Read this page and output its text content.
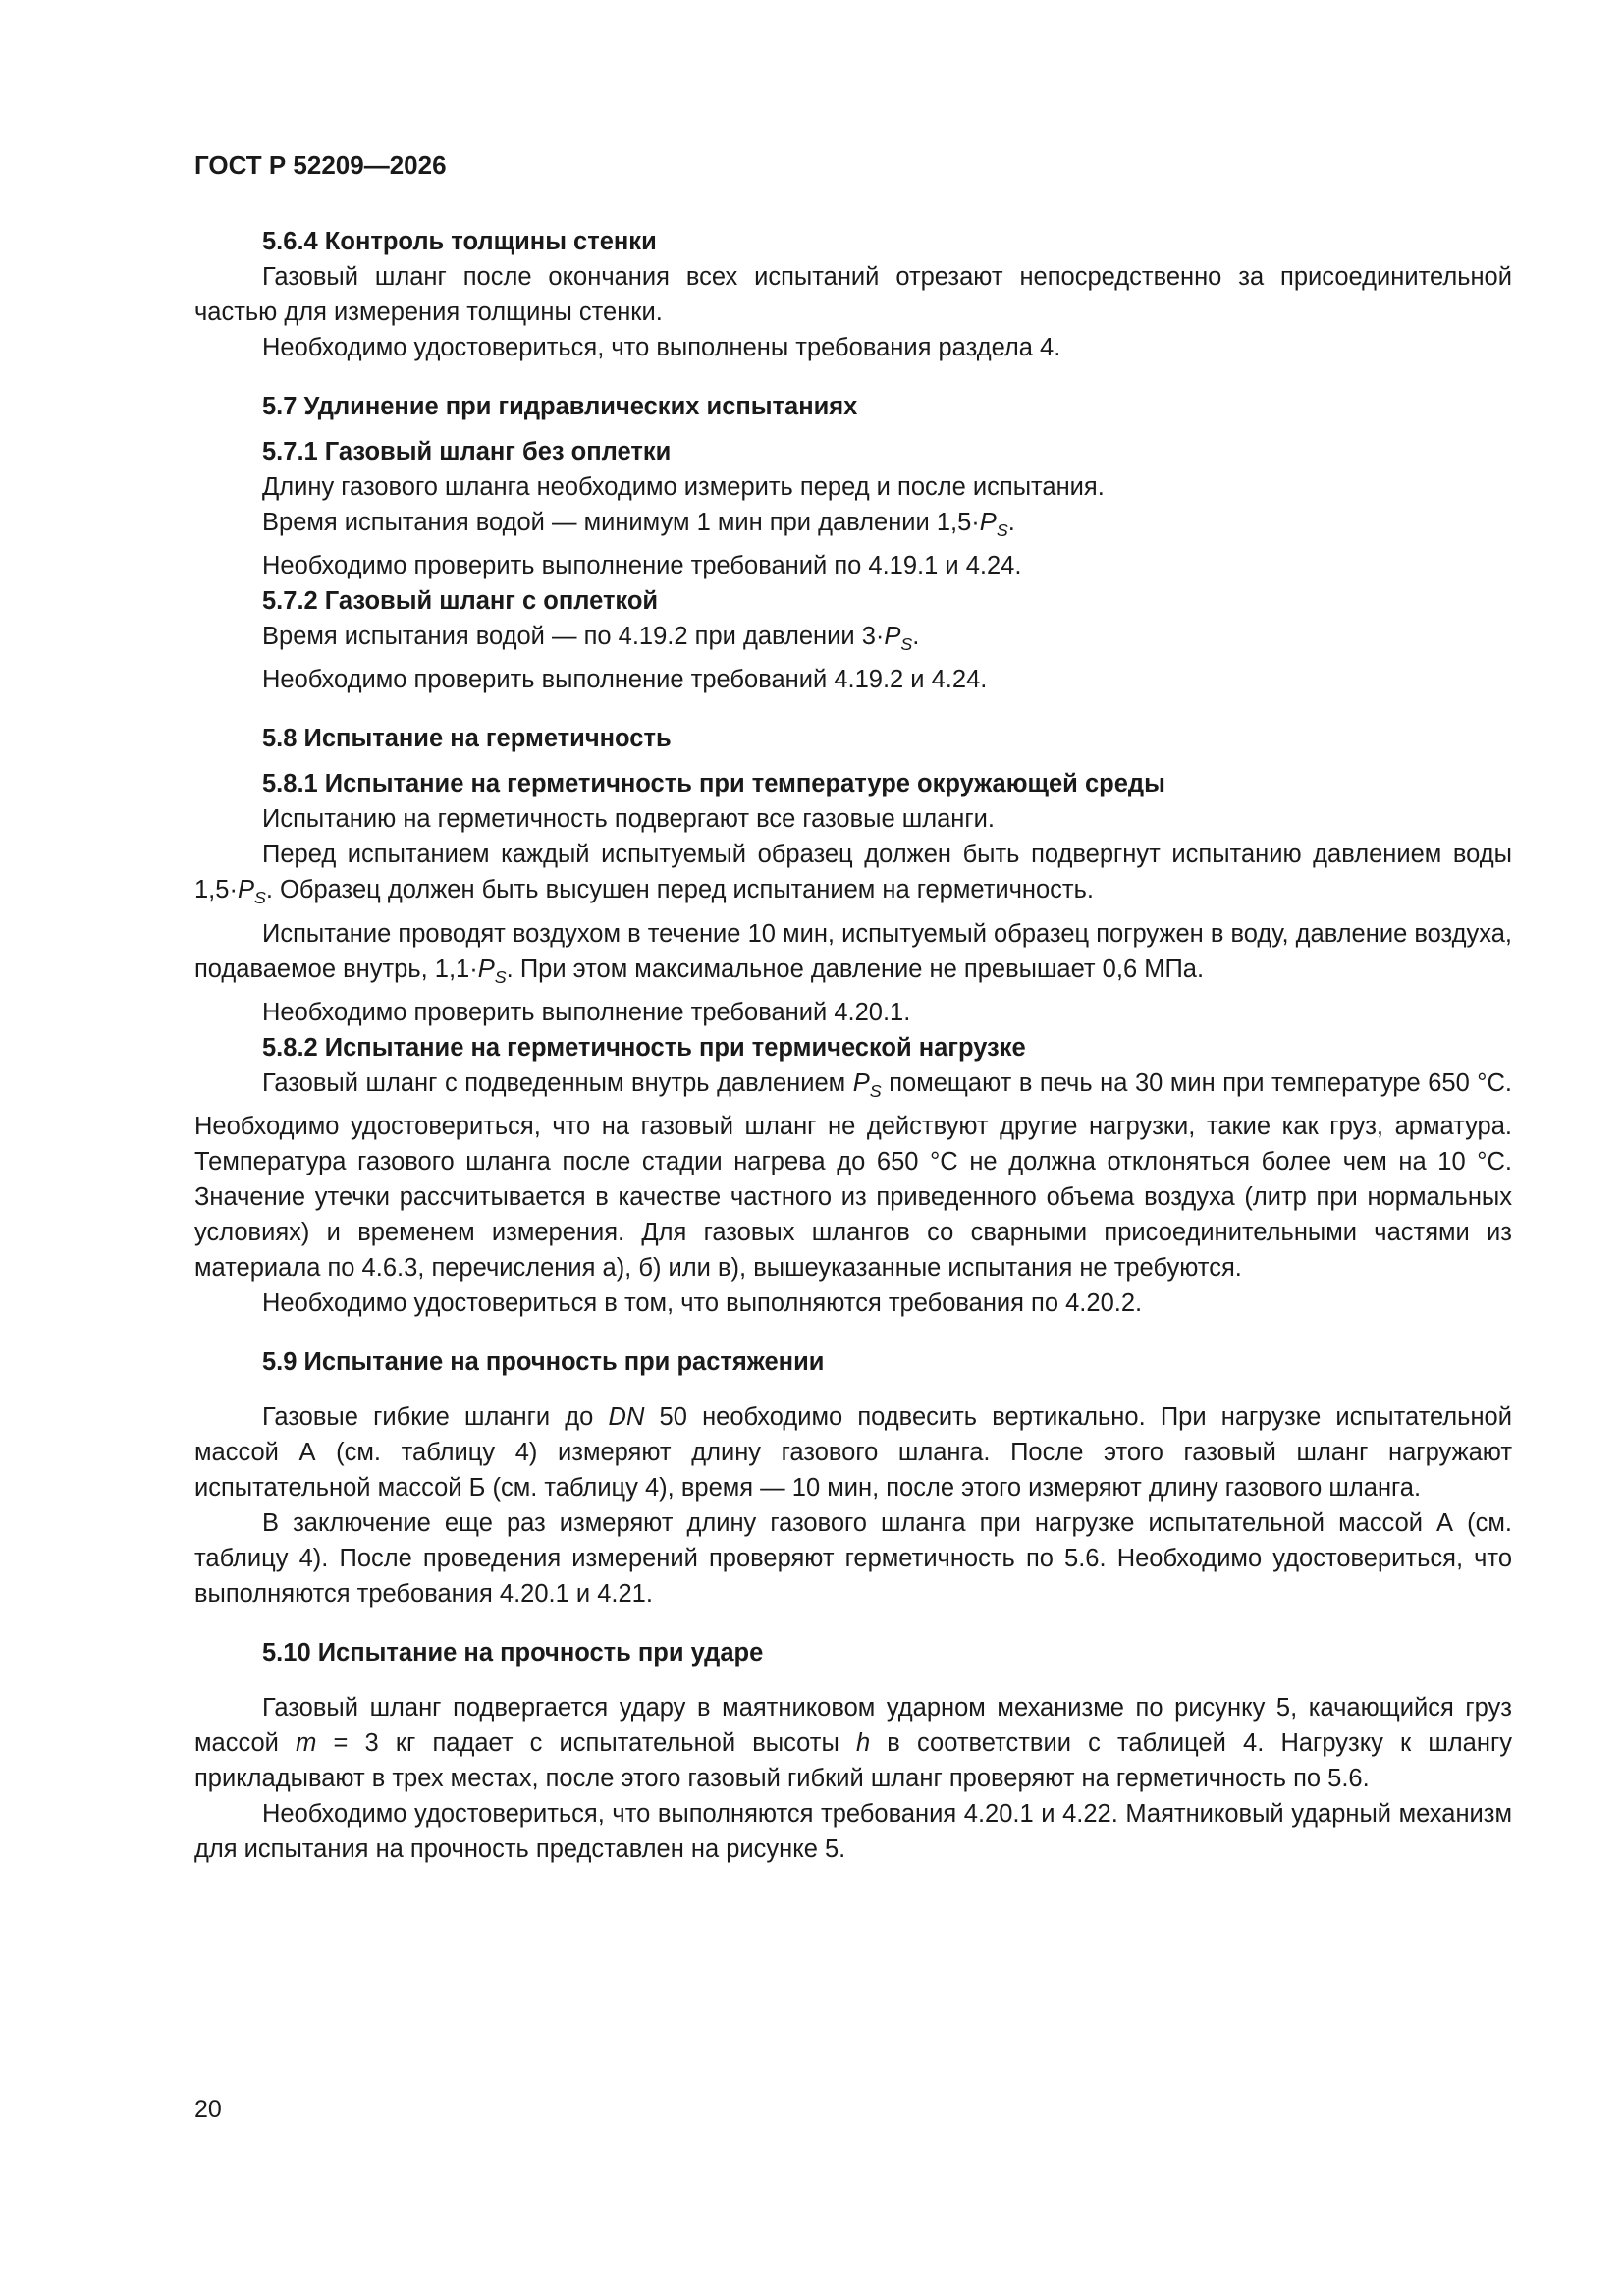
ГОСТ Р 52209—2026

5.6.4 Контроль толщины стенки

Газовый шланг после окончания всех испытаний отрезают непосредственно за присоединительной частью для измерения толщины стенки.

Необходимо удостовериться, что выполнены требования раздела 4.

5.7 Удлинение при гидравлических испытаниях

5.7.1 Газовый шланг без оплетки

Длину газового шланга необходимо измерить перед и после испытания.

Время испытания водой — минимум 1 мин при давлении $1,5\cdot P_S$.

Необходимо проверить выполнение требований по 4.19.1 и 4.24.

5.7.2 Газовый шланг с оплеткой

Время испытания водой — по 4.19.2 при давлении $3\cdot P_S$.

Необходимо проверить выполнение требований 4.19.2 и 4.24.

5.8 Испытание на герметичность

5.8.1 Испытание на герметичность при температуре окружающей среды

Испытанию на герметичность подвергают все газовые шланги.

Перед испытанием каждый испытуемый образец должен быть подвергнут испытанию давлением воды $1,5\cdot P_S$. Образец должен быть высушен перед испытанием на герметичность.

Испытание проводят воздухом в течение 10 мин, испытуемый образец погружен в воду, давление воздуха, подаваемое внутрь, $1,1\cdot P_S$. При этом максимальное давление не превышает 0,6 МПа.

Необходимо проверить выполнение требований 4.20.1.

5.8.2 Испытание на герметичность при термической нагрузке

Газовый шланг с подведенным внутрь давлением $P_S$ помещают в печь на 30 мин при температуре 650 °C. Необходимо удостовериться, что на газовый шланг не действуют другие нагрузки, такие как груз, арматура. Температура газового шланга после стадии нагрева до 650 °C не должна отклоняться более чем на 10 °C. Значение утечки рассчитывается в качестве частного из приведенного объема воздуха (литр при нормальных условиях) и временем измерения. Для газовых шлангов со сварными присоединительными частями из материала по 4.6.3, перечисления а), б) или в), вышеуказанные испытания не требуются.

Необходимо удостовериться в том, что выполняются требования по 4.20.2.

5.9 Испытание на прочность при растяжении

Газовые гибкие шланги до DN 50 необходимо подвесить вертикально. При нагрузке испытательной массой А (см. таблицу 4) измеряют длину газового шланга. После этого газовый шланг нагружают испытательной массой Б (см. таблицу 4), время — 10 мин, после этого измеряют длину газового шланга.

В заключение еще раз измеряют длину газового шланга при нагрузке испытательной массой А (см. таблицу 4). После проведения измерений проверяют герметичность по 5.6. Необходимо удостовериться, что выполняются требования 4.20.1 и 4.21.

5.10 Испытание на прочность при ударе

Газовый шланг подвергается удару в маятниковом ударном механизме по рисунку 5, качающийся груз массой m = 3 кг падает с испытательной высоты h в соответствии с таблицей 4. Нагрузку к шлангу прикладывают в трех местах, после этого газовый гибкий шланг проверяют на герметичность по 5.6.

Необходимо удостовериться, что выполняются требования 4.20.1 и 4.22. Маятниковый ударный механизм для испытания на прочность представлен на рисунке 5.

20
